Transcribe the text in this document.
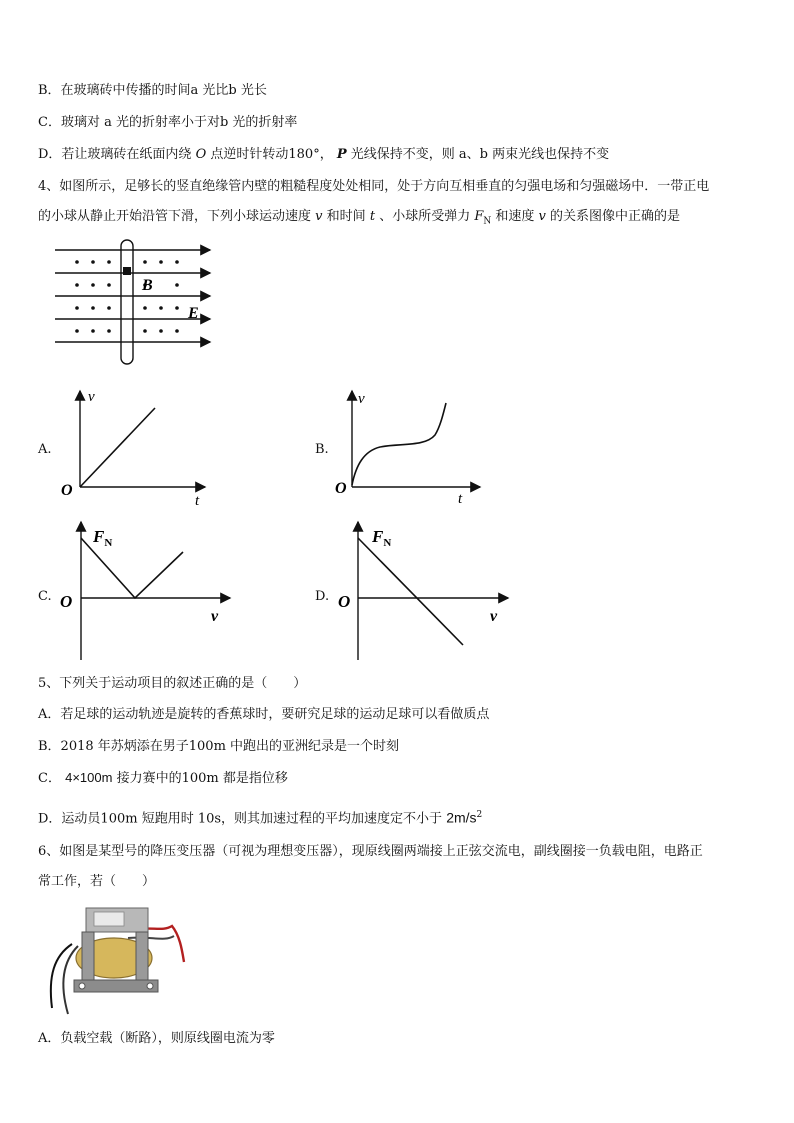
B．在玻璃砖中传播的时间a 光比b 光长
C．玻璃对 a 光的折射率小于对b 光的折射率
D．若让玻璃砖在纸面内绕 O 点逆时针转动180°， P 光线保持不变，则 a、b 两束光线也保持不变
4、如图所示，足够长的竖直绝缘管内壁的粗糙程度处处相同，处于方向互相垂直的匀强电场和匀强磁场中．一带正电
的小球从静止开始沿管下滑，下列小球运动速度 v 和时间 t 、小球所受弹力 $F_N$ 和速度 v 的关系图像中正确的是
B
E
A.
v
t
O
B.
v
t
O
C.
$F_N$
v
O	D.
$F_N$
v
O
5、下列关于运动项目的叙述正确的是（　　）
A．若足球的运动轨迹是旋转的香蕉球时，要研究足球的运动足球可以看做质点
B．2018 年苏炳添在男子100m 中跑出的亚洲纪录是一个时刻
C． 4×100m 接力赛中的100m 都是指位移
D．运动员100m 短跑用时 10s，则其加速过程的平均加速度定不小于 $2m/s^2$
6、如图是某型号的降压变压器（可视为理想变压器），现原线圈两端接上正弦交流电，副线圈接一负载电阻，电路正
常工作，若（　　）
A．负载空载（断路），则原线圈电流为零
